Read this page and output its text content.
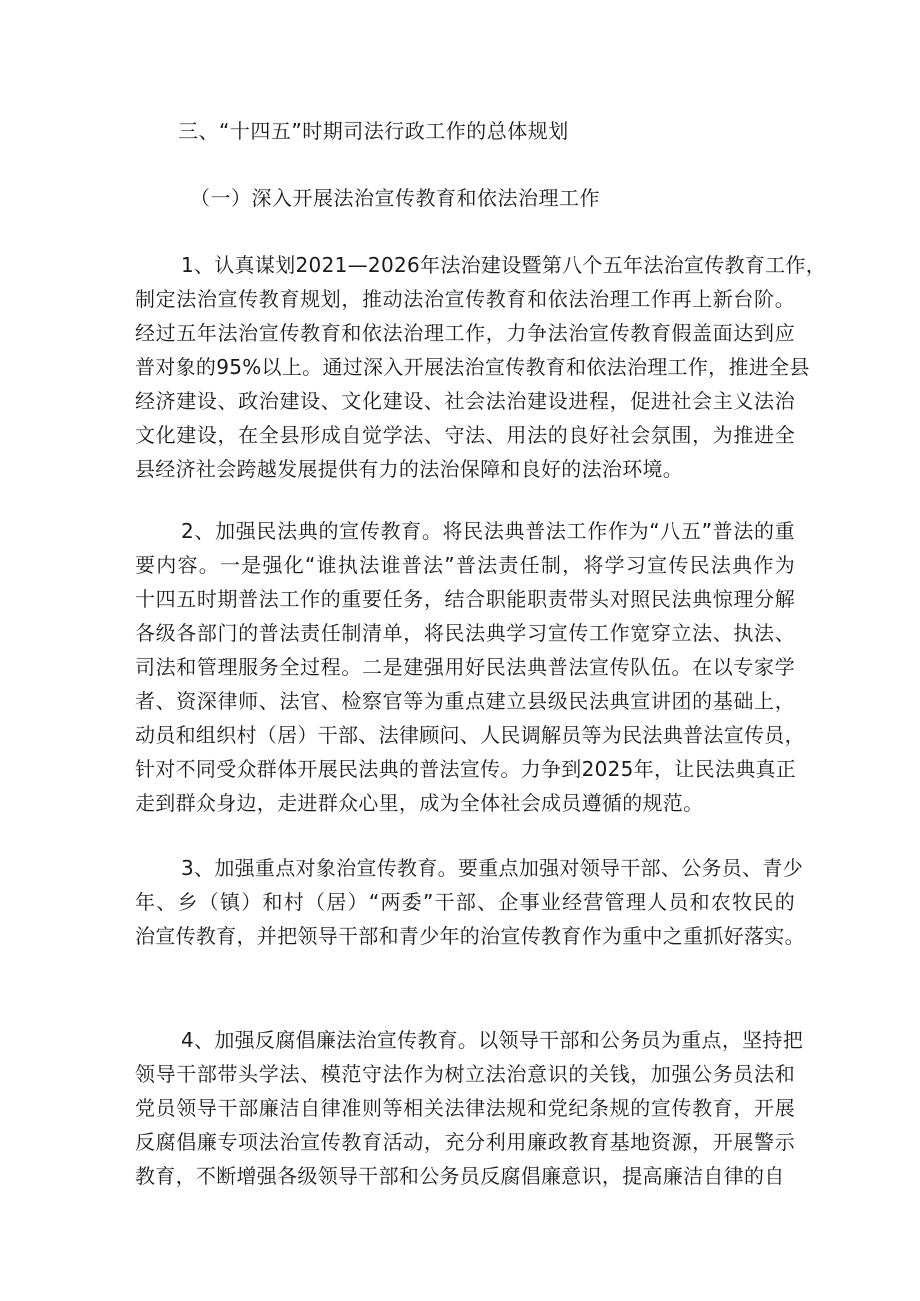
三、“十四五”时期司法行政工作的总体规划
（一）深入开展法治宣传教育和依法治理工作
1、认真谋划2021—2026年法治建设暨第八个五年法治宣传教育工作，
制定法治宣传教育规划，推动法治宣传教育和依法治理工作再上新台阶。
经过五年法治宣传教育和依法治理工作，力争法治宣传教育假盖面达到应
普对象的95%以上。通过深入开展法治宣传教育和依法治理工作，推进全县
经济建设、政治建设、文化建设、社会法治建设进程，促进社会主义法治
文化建设，在全县形成自觉学法、守法、用法的良好社会氛围，为推进全
县经济社会跨越发展提供有力的法治保障和良好的法治环境。
2、加强民法典的宣传教育。将民法典普法工作作为“八五”普法的重
要内容。一是强化“谁执法谁普法”普法责任制，将学习宣传民法典作为
十四五时期普法工作的重要任务，结合职能职责带头对照民法典惊理分解
各级各部门的普法责任制清单，将民法典学习宣传工作宽穿立法、执法、
司法和管理服务全过程。二是建强用好民法典普法宣传队伍。在以专家学
者、资深律师、法官、检察官等为重点建立县级民法典宣讲团的基础上，
动员和组织村（居）干部、法律顾问、人民调解员等为民法典普法宣传员，
针对不同受众群体开展民法典的普法宣传。力争到2025年，让民法典真正
走到群众身边，走进群众心里，成为全体社会成员遵循的规范。
3、加强重点对象治宣传教育。要重点加强对领导干部、公务员、青少
年、乡（镇）和村（居）“两委”干部、企事业经营管理人员和农牧民的
治宣传教育，并把领导干部和青少年的治宣传教育作为重中之重抓好落实。
4、加强反腐倡廉法治宣传教育。以领导干部和公务员为重点，坚持把
领导干部带头学法、模范守法作为树立法治意识的关钱，加强公务员法和
党员领导干部廉洁自律准则等相关法律法规和党纪条规的宣传教育，开展
反腐倡廉专项法治宣传教育活动，充分利用廉政教育基地资源，开展警示
教育，不断增强各级领导干部和公务员反腐倡廉意识，提高廉洁自律的自
